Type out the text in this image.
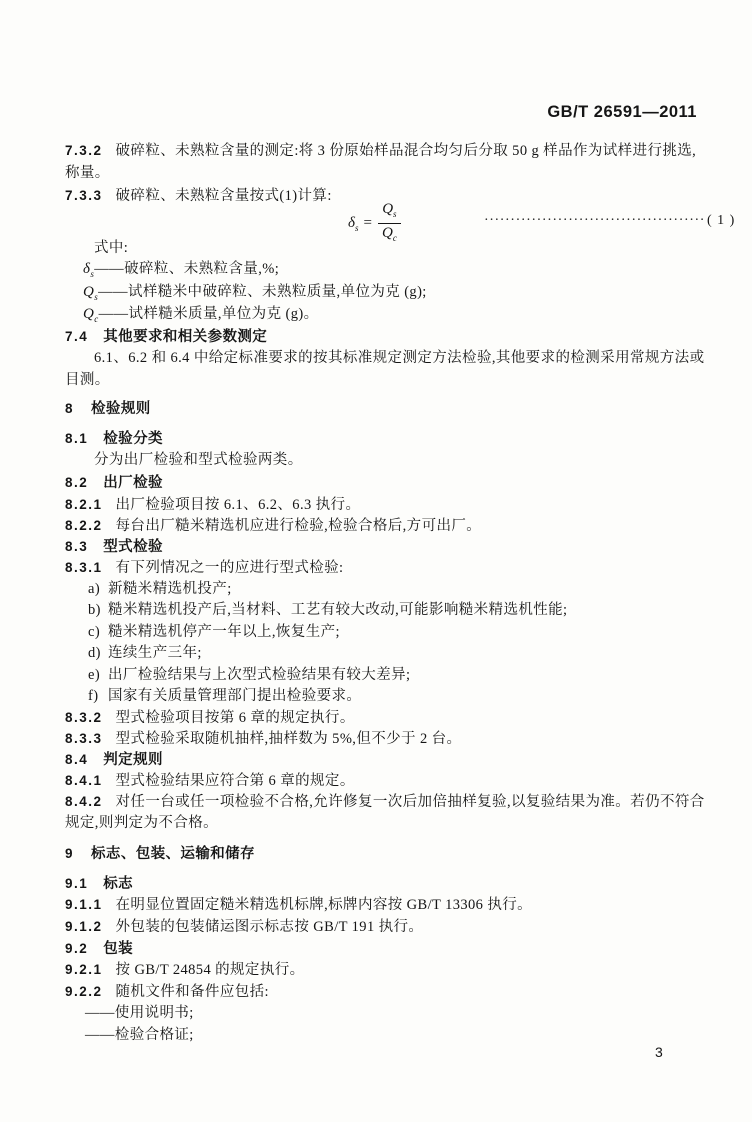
GB/T 26591—2011

7.3.2 破碎粒、未熟粒含量的测定:将 3 份原始样品混合均匀后分取 50 g 样品作为试样进行挑选,

称量。

7.3.3 破碎粒、未熟粒含量按式(1)计算:

$\delta_s = \frac{Q_s}{Q_c}$	·········································· ( 1 )

式中:

$\delta_s——$破碎粒、未熟粒含量,%;

$Q_s——$试样糙米中破碎粒、未熟粒质量,单位为克 (g);

$Q_c——$试样糙米质量,单位为克 (g)。

7.4 其他要求和相关参数测定

6.1、6.2 和 6.4 中给定标准要求的按其标准规定测定方法检验,其他要求的检测采用常规方法或

目测。

8 检验规则

8.1 检验分类

分为出厂检验和型式检验两类。

8.2 出厂检验

8.2.1 出厂检验项目按 6.1、6.2、6.3 执行。

8.2.2 每台出厂糙米精选机应进行检验,检验合格后,方可出厂。

8.3 型式检验

8.3.1 有下列情况之一的应进行型式检验:

a) 新糙米精选机投产;

b) 糙米精选机投产后,当材料、工艺有较大改动,可能影响糙米精选机性能;

c) 糙米精选机停产一年以上,恢复生产;

d) 连续生产三年;

e) 出厂检验结果与上次型式检验结果有较大差异;

f) 国家有关质量管理部门提出检验要求。

8.3.2 型式检验项目按第 6 章的规定执行。

8.3.3 型式检验采取随机抽样,抽样数为 5%,但不少于 2 台。

8.4 判定规则

8.4.1 型式检验结果应符合第 6 章的规定。

8.4.2 对任一台或任一项检验不合格,允许修复一次后加倍抽样复验,以复验结果为准。若仍不符合

规定,则判定为不合格。

9 标志、包装、运输和储存

9.1 标志

9.1.1 在明显位置固定糙米精选机标牌,标牌内容按 GB/T 13306 执行。

9.1.2 外包装的包装储运图示标志按 GB/T 191 执行。

9.2 包装

9.2.1 按 GB/T 24854 的规定执行。

9.2.2 随机文件和备件应包括:

——使用说明书;

——检验合格证;

3
